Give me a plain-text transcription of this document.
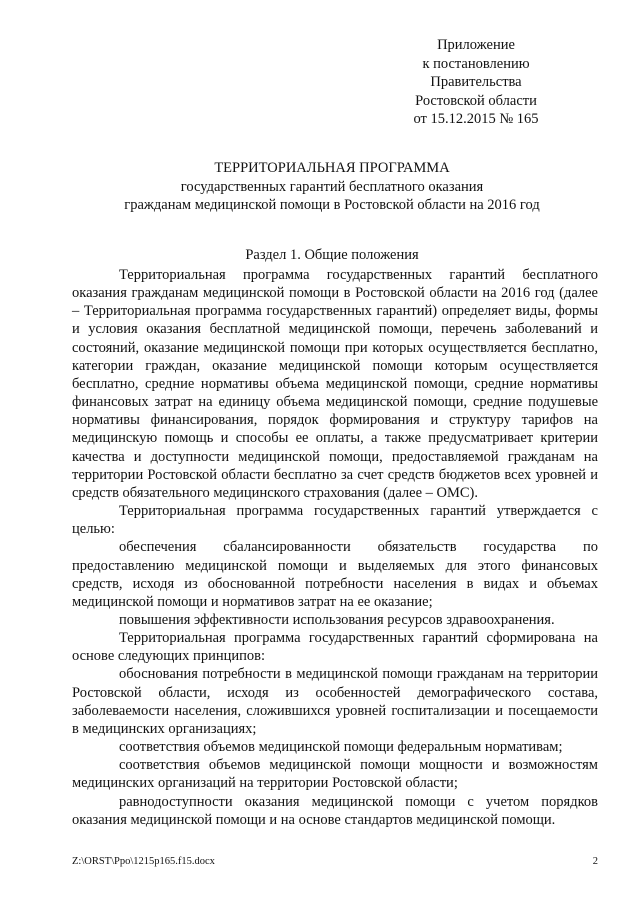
Приложение
к постановлению
Правительства
Ростовской области
от 15.12.2015 № 165
ТЕРРИТОРИАЛЬНАЯ ПРОГРАММА
государственных гарантий бесплатного оказания
гражданам медицинской помощи в Ростовской области на 2016 год
Раздел 1. Общие положения

Территориальная программа государственных гарантий бесплатного оказания гражданам медицинской помощи в Ростовской области на 2016 год (далее – Территориальная программа государственных гарантий) определяет виды, формы и условия оказания бесплатной медицинской помощи, перечень заболеваний и состояний, оказание медицинской помощи при которых осуществляется бесплатно, категории граждан, оказание медицинской помощи которым осуществляется бесплатно, средние нормативы объема медицинской помощи, средние нормативы финансовых затрат на единицу объема медицинской помощи, средние подушевые нормативы финансирования, порядок формирования и структуру тарифов на медицинскую помощь и способы ее оплаты, а также предусматривает критерии качества и доступности медицинской помощи, предоставляемой гражданам на территории Ростовской области бесплатно за счет средств бюджетов всех уровней и средств обязательного медицинского страхования (далее – ОМС).

Территориальная программа государственных гарантий утверждается с целью:

обеспечения сбалансированности обязательств государства по предоставлению медицинской помощи и выделяемых для этого финансовых средств, исходя из обоснованной потребности населения в видах и объемах медицинской помощи и нормативов затрат на ее оказание;

повышения эффективности использования ресурсов здравоохранения.

Территориальная программа государственных гарантий сформирована на основе следующих принципов:

обоснования потребности в медицинской помощи гражданам на территории Ростовской области, исходя из особенностей демографического состава, заболеваемости населения, сложившихся уровней госпитализации и посещаемости в медицинских организациях;

соответствия объемов медицинской помощи федеральным нормативам;

соответствия объемов медицинской помощи мощности и возможностям медицинских организаций на территории Ростовской области;

равнодоступности оказания медицинской помощи с учетом порядков оказания медицинской помощи и на основе стандартов медицинской помощи.

Z:\ORST\Ppo\1215p165.f15.docx	2
